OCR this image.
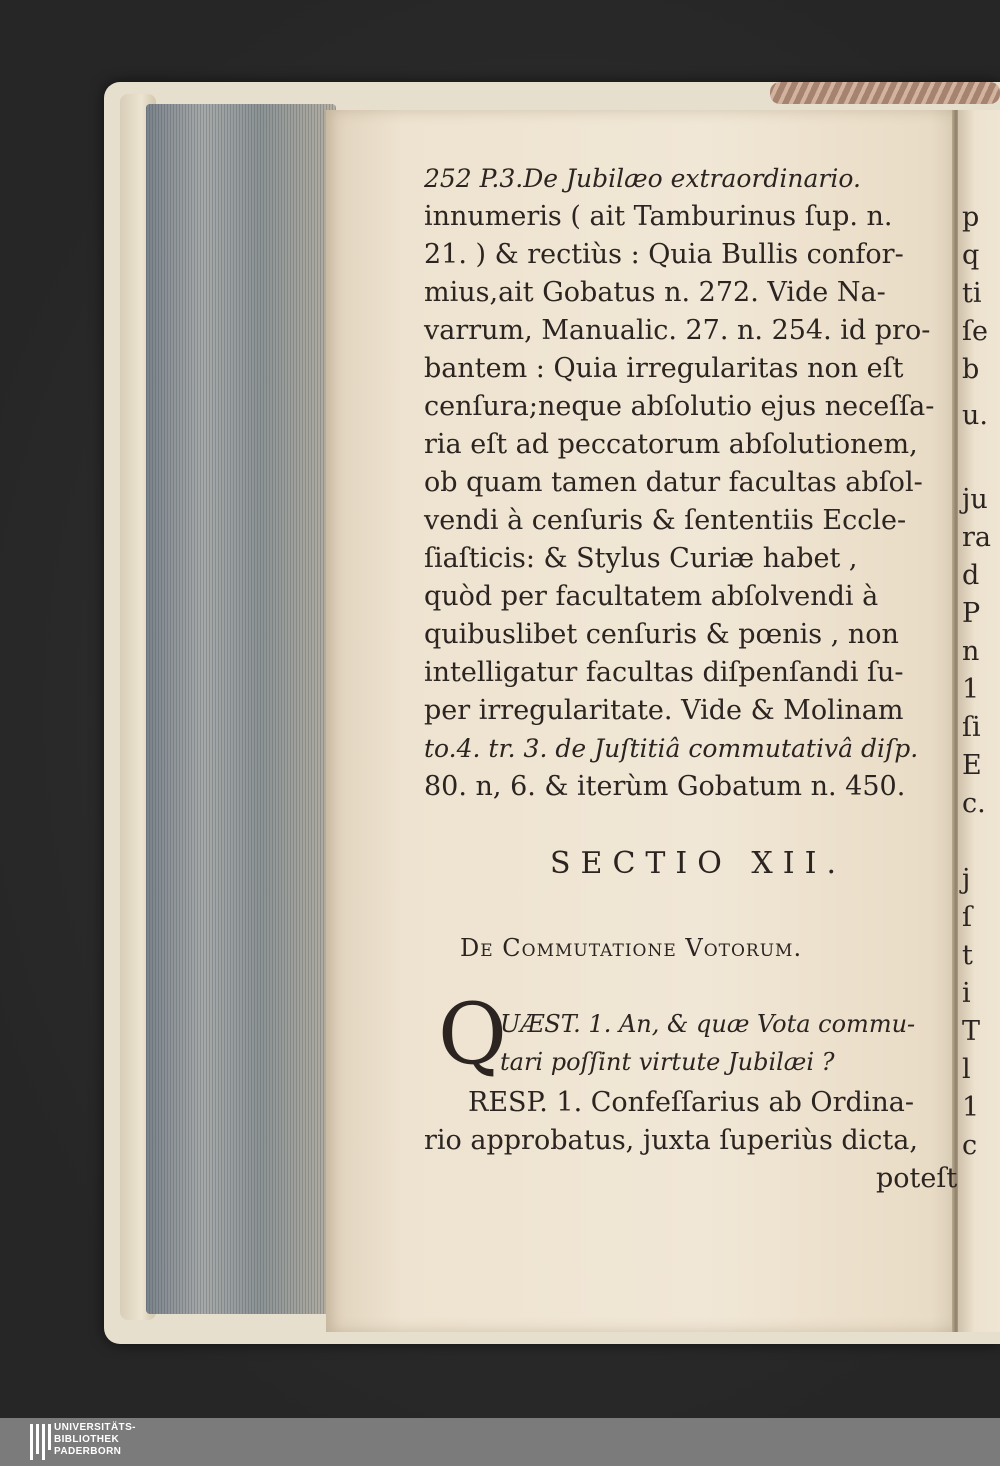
p
q
ti
ſe
b
u.
ju
ra
d
P
n
1
ſi
E
c.
j
ſ
t
i
T
l
1
c
252 P.3.De Jubilæo extraordinario.
innumeris ( ait Tamburinus ſup. n.
21. ) & rectiùs : Quia Bullis confor-
mius,ait Gobatus n. 272. Vide Na-
varrum, Manualic. 27. n. 254. id pro-
bantem : Quia irregularitas non eſt
cenſura;neque abſolutio ejus neceſſa-
ria eſt ad peccatorum abſolutionem,
ob quam tamen datur facultas abſol-
vendi à cenſuris & ſententiis Eccle-
ſiaſticis: & Stylus Curiæ habet ,
quòd per facultatem abſolvendi à
quibuslibet cenſuris & pœnis , non
intelligatur facultas diſpenſandi ſu-
per irregularitate. Vide & Molinam
to.4. tr. 3. de Juſtitiâ commutativâ diſp.
80. n, 6. & iterùm Gobatum n. 450.
SECTIO XII.
De Commutatione Votorum.
Q
UÆST. 1. An, & quæ Vota commu-
tari poſſint virtute Jubilæi ?
RESP. 1. Confeſſarius ab Ordina-
rio approbatus, juxta ſuperiùs dicta,
poteſt
UNIVERSITÄTS-
BIBLIOTHEK
PADERBORN
